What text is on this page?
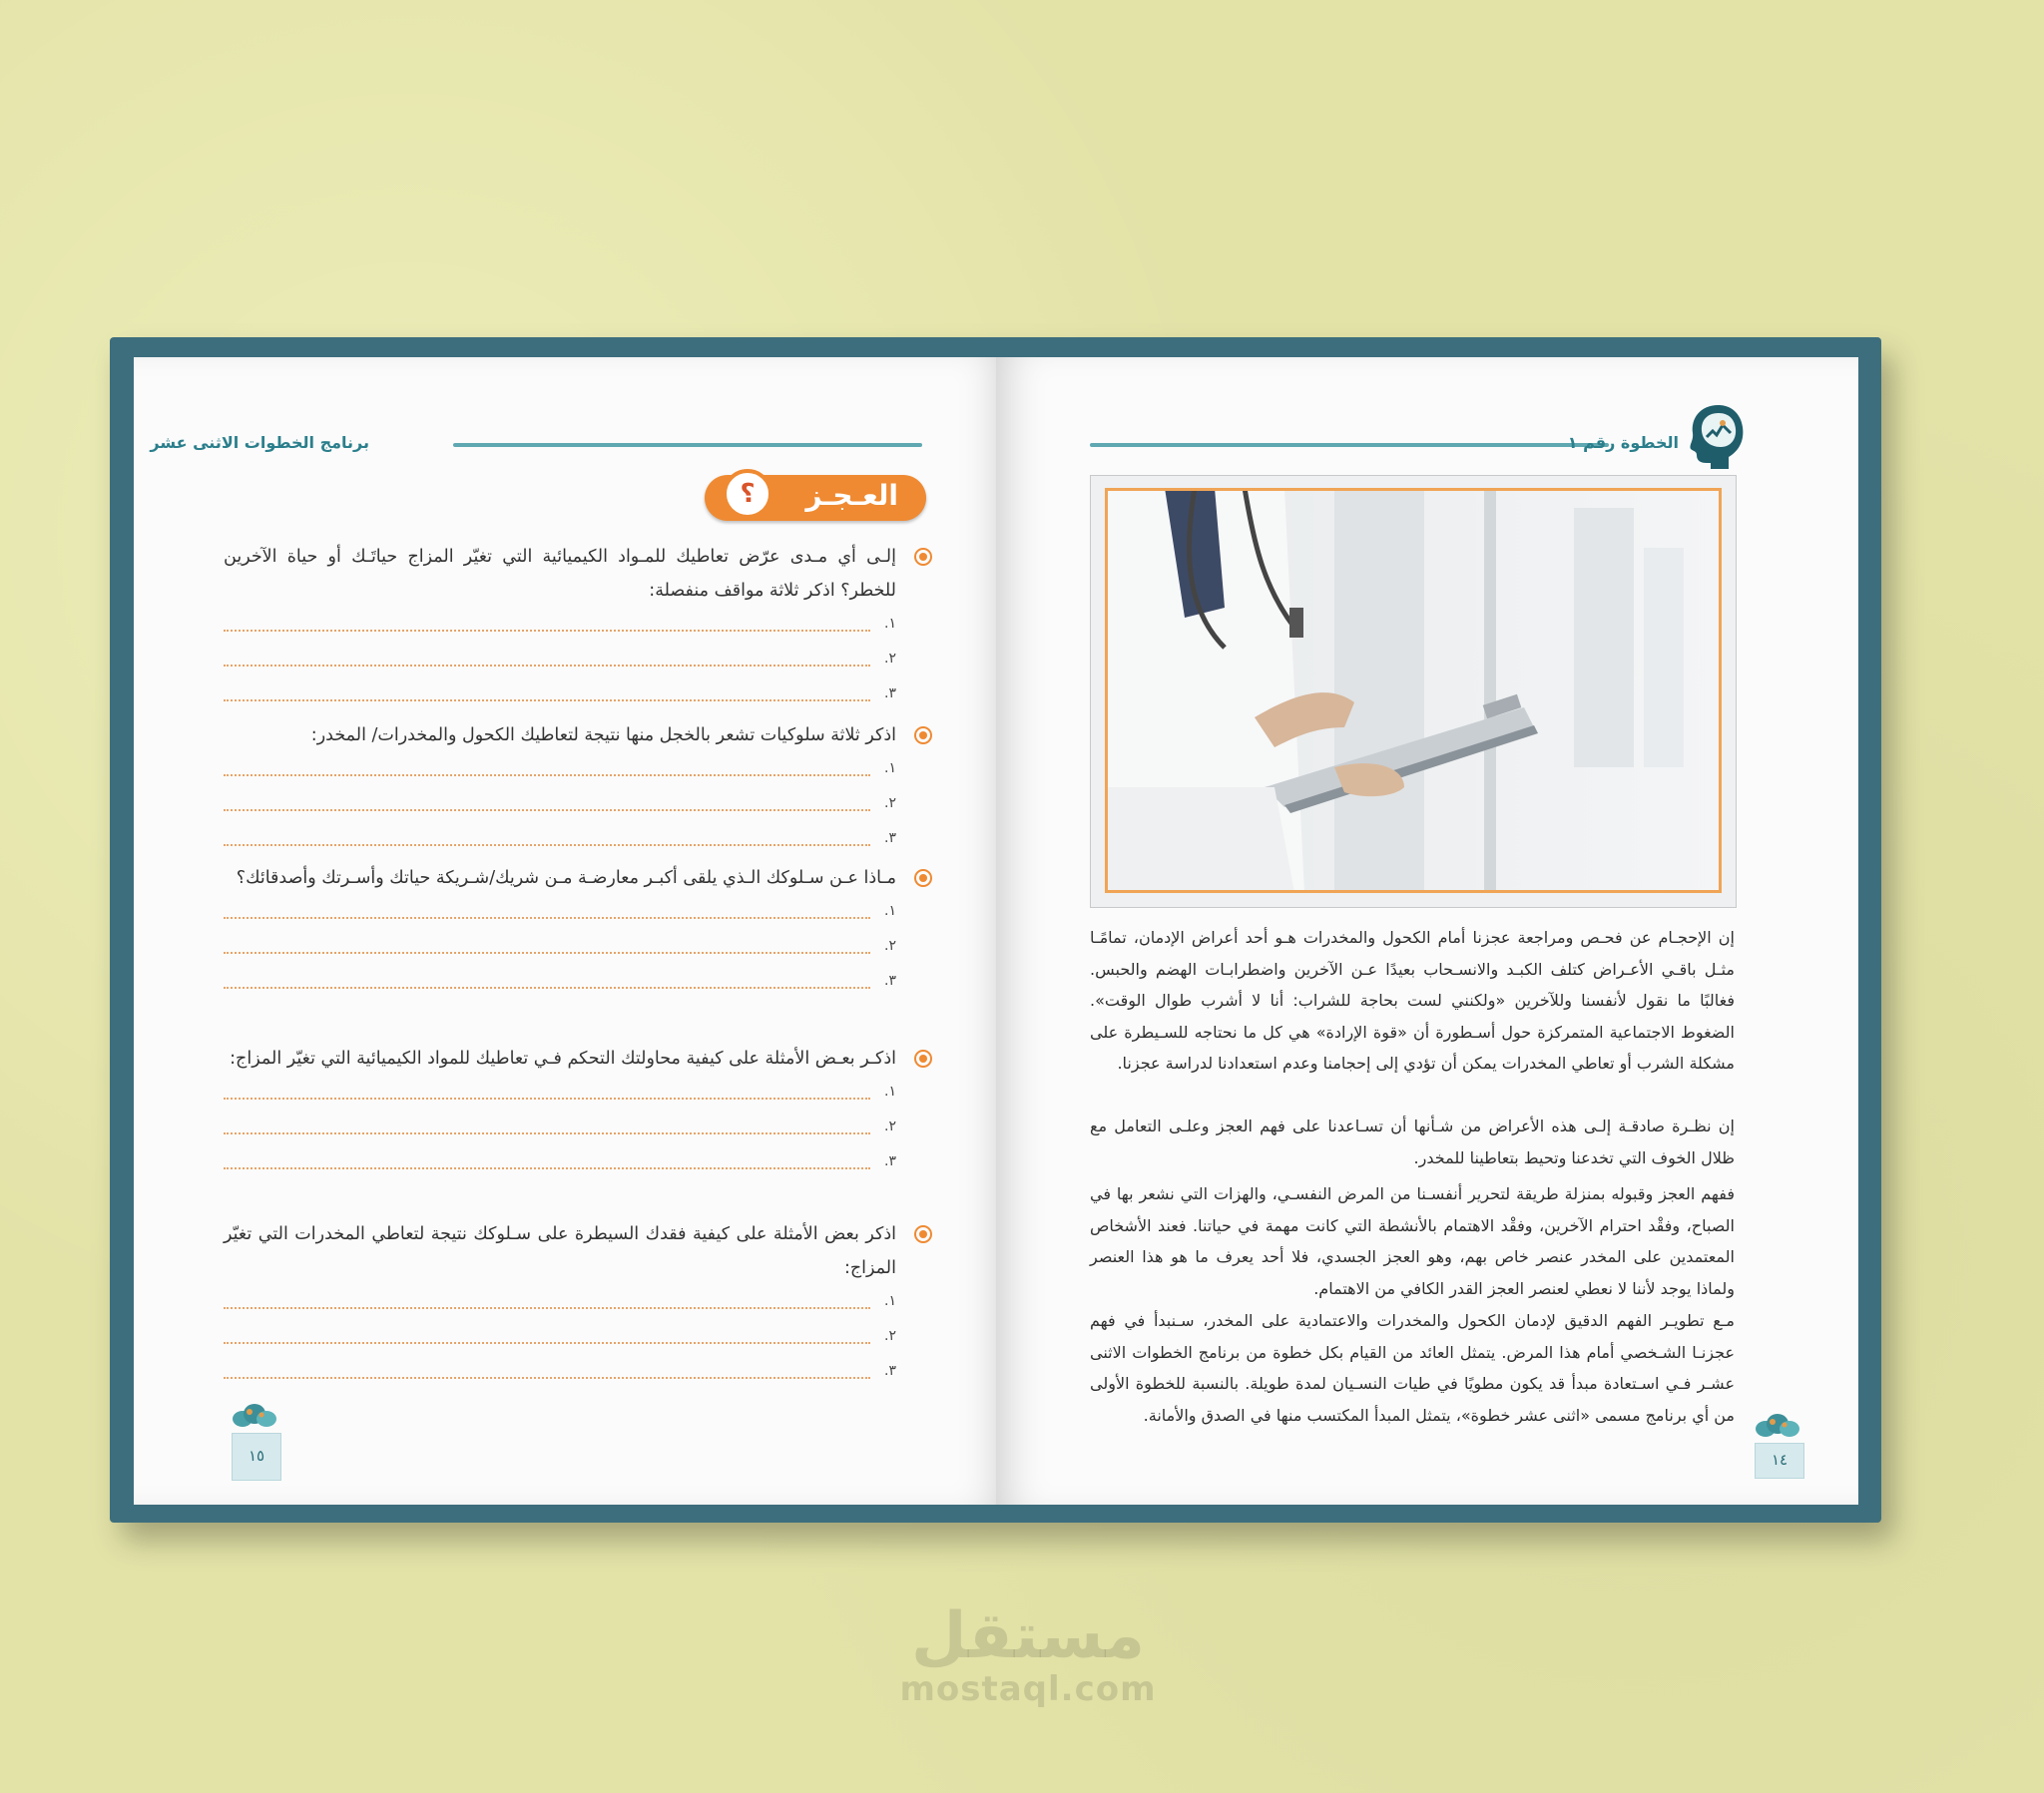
برنامج الخطوات الاثنى عشر
؟	العـجـز
إلـى أي مـدى عرّض تعاطيك للمـواد الكيميائية التي تغيّر المزاج حياتَـك أو حياة الآخرين للخطر؟ اذكر ثلاثة مواقف منفصلة:
١.
٢.
٣.
اذكر ثلاثة سلوكيات تشعر بالخجل منها نتيجة لتعاطيك الكحول والمخدرات/ المخدر:
١.
٢.
٣.
مـاذا عـن سـلوكك الـذي يلقى أكبـر معارضـة مـن شريك/شـريكة حياتك وأسـرتك وأصدقائك؟
١.
٢.
٣.
اذكـر بعـض الأمثلة على كيفية محاولتك التحكم فـي تعاطيك للمواد الكيميائية التي تغيّر المزاج:
١.
٢.
٣.
اذكر بعض الأمثلة على كيفية فقدك السيطرة على سـلوكك نتيجة لتعاطي المخدرات التي تغيّر المزاج:
١.
٢.
٣.
١٥
الخطوة رقم ١
إن الإحجـام عن فحـص ومراجعة عجزنا أمام الكحول والمخدرات هـو أحد أعراض الإدمان، تمامًـا مثـل باقـي الأعـراض كتلف الكبـد والانسـحاب بعيدًا عـن الآخرين واضطرابـات الهضم والحبس. فغالبًا ما نقول لأنفسنا وللآخرين «ولكنني لست بحاجة للشراب: أنا لا أشرب طوال الوقت». الضغوط الاجتماعية المتمركزة حول أسـطورة أن «قوة الإرادة» هي كل ما نحتاجه للسـيطرة على مشكلة الشرب أو تعاطي المخدرات يمكن أن تؤدي إلى إحجامنا وعدم استعدادنا لدراسة عجزنا.
إن نظـرة صادقـة إلـى هذه الأعراض من شـأنها أن تسـاعدنا على فهم العجز وعلـى التعامل مع ظلال الخوف التي تخدعنا وتحيط بتعاطينا للمخدر.
ففهم العجز وقبوله بمنزلة طريقة لتحرير أنفسـنا من المرض النفسـي، والهزات التي نشعر بها في الصباح، وفقْد احترام الآخرين، وفقْد الاهتمام بالأنشطة التي كانت مهمة في حياتنا. فعند الأشخاص المعتمدين على المخدر عنصر خاص بهم، وهو العجز الجسدي، فلا أحد يعرف ما هو هذا العنصر ولماذا يوجد لأننا لا نعطي لعنصر العجز القدر الكافي من الاهتمام.
مـع تطويـر الفهم الدقيق لإدمان الكحول والمخدرات والاعتمادية على المخدر، سـنبدأ في فهم عجزنـا الشـخصي أمام هذا المرض. يتمثل العائد من القيام بكل خطوة من برنامج الخطوات الاثنى عشـر فـي اسـتعادة مبدأ قد يكون مطويًا في طيات النسـيان لمدة طويلة. بالنسبة للخطوة الأولى من أي برنامج مسمى «اثنى عشر خطوة»، يتمثل المبدأ المكتسب منها في الصدق والأمانة.
١٤
مستقل
mostaql.com
